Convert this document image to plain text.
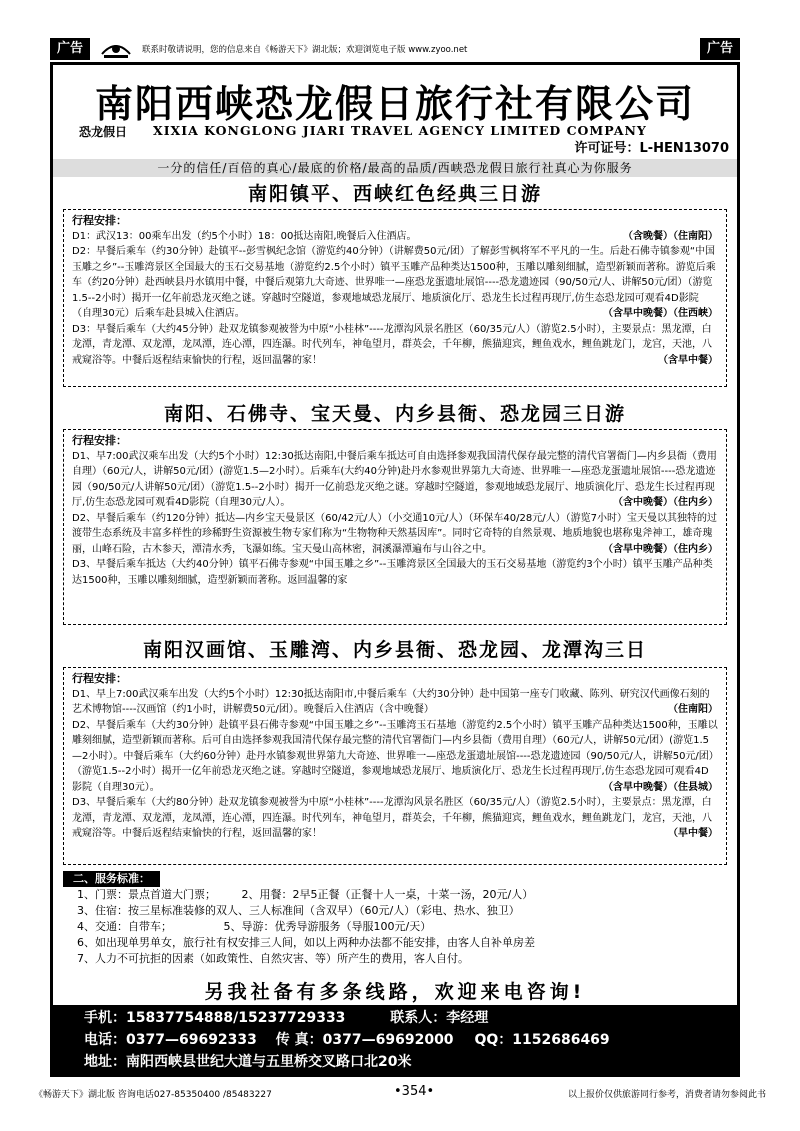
广告	联系时敬请说明，您的信息来自《畅游天下》湖北版；欢迎浏览电子版 www.zyoo.net	广告
南阳西峡恐龙假日旅行社有限公司
恐龙假日 XIXIA KONGLONG JIARI TRAVEL AGENCY LIMITED COMPANY
许可证号：L-HEN13070
一分的信任/百倍的真心/最底的价格/最高的品质/西峡恐龙假日旅行社真心为你服务
南阳镇平、西峡红色经典三日游

行程安排：

D1：武汉13：00乘车出发（约5个小时）18：00抵达南阳,晚餐后入住酒店。	（含晚餐）（住南阳）

D2：早餐后乘车（约30分钟）赴镇平--彭雪枫纪念馆（游览约40分钟）（讲解费50元/团）了解彭雪枫将军不平凡的一生。后赴石佛寺镇参观“中国玉雕之乡”--玉雕湾景区全国最大的玉石交易基地（游览约2.5个小时）镇平玉雕产品种类达1500种，玉雕以雕刻细腻，造型新颖而著称。游览后乘车（约20分钟）赴西峡县丹水镇用中餐，中餐后观第九大奇迹、世界唯一—座恐龙蛋遗址展馆----恐龙遗迹园（90/50元/人、讲解50元/团）（游览1.5--2小时）揭开一亿年前恐龙灭绝之谜。穿越时空隧道，参观地域恐龙展厅、地质演化厅、恐龙生长过程再现厅,仿生态恐龙园可观看4D影院（自理30元）后乘车赴县城入住酒店。	（含早中晚餐）（住西峡）

D3：早餐后乘车（大约45分钟）赴双龙镇参观被誉为中原“小桂林”----龙潭沟风景名胜区（60/35元/人）（游览2.5小时），主要景点：黑龙潭，白龙潭，青龙潭、双龙潭，龙凤潭，连心潭，四连瀑。时代列车，神龟望月，群英会，千年柳，熊猫迎宾，鲤鱼戏水，鲤鱼跳龙门，龙宫，天池，八戒窥浴等。中餐后返程结束愉快的行程，返回温馨的家！	（含早中餐）

南阳、石佛寺、宝天曼、内乡县衙、恐龙园三日游

行程安排：

D1、早7:00武汉乘车出发（大约5个小时）12:30抵达南阳,中餐后乘车抵达可自由选择参观我国清代保存最完整的清代官署衙门—内乡县衙（费用自理）（60元/人，讲解50元/团）(游览1.5—2小时）。后乘车(大约40分钟)赴丹水参观世界第九大奇迹、世界唯一—座恐龙蛋遗址展馆----恐龙遗迹园（90/50元/人讲解50元/团）（游览1.5--2小时）揭开一亿前恐龙灭绝之谜。穿越时空隧道，参观地域恐龙展厅、地质演化厅、恐龙生长过程再现厅,仿生态恐龙园可观看4D影院（自理30元/人）。	（含中晚餐）（住内乡）

D2、早餐后乘车（约120分钟）抵达—内乡宝天曼景区（60/42元/人）（小交通10元/人）（环保车40/28元/人）（游览7小时）宝天曼以其独特的过渡带生态系统及丰富多样性的珍稀野生资源被生物专家们称为“生物物种天然基因库”。同时它奇特的自然景观、地质地貌也堪称鬼斧神工，雄奇瑰丽，山峰石险，古木参天，潭清水秀，飞瀑如练。宝天曼山高林密，洞溪瀑潭遍布与山谷之中。	（含早中晚餐）（住内乡）

D3、早餐后乘车抵达（大约40分钟）镇平石佛寺参观“中国玉雕之乡”--玉雕湾景区全国最大的玉石交易基地（游览约3个小时）镇平玉雕产品种类达1500种，玉雕以雕刻细腻，造型新颖而著称。返回温馨的家

南阳汉画馆、玉雕湾、内乡县衙、恐龙园、龙潭沟三日

行程安排：

D1、早上7:00武汉乘车出发（大约5个小时）12:30抵达南阳市,中餐后乘车（大约30分钟）赴中国第一座专门收藏、陈列、研究汉代画像石刻的艺术博物馆----汉画馆（约1小时，讲解费50元/团）。晚餐后入住酒店（含中晚餐）	（住南阳）

D2、早餐后乘车（大约30分钟）赴镇平县石佛寺参观“中国玉雕之乡”--玉雕湾玉石基地（游览约2.5个小时）镇平玉雕产品种类达1500种，玉雕以雕刻细腻，造型新颖而著称。后可自由选择参观我国清代保存最完整的清代官署衙门—内乡县衙（费用自理）（60元/人，讲解50元/团）(游览1.5—2小时）。中餐后乘车（大约60分钟）赴丹水镇参观世界第九大奇迹、世界唯一—座恐龙蛋遗址展馆----恐龙遗迹园（90/50元/人，讲解50元/团）（游览1.5--2小时）揭开一亿年前恐龙灭绝之谜。穿越时空隧道，参观地域恐龙展厅、地质演化厅、恐龙生长过程再现厅,仿生态恐龙园可观看4D影院（自理30元）。	（含早中晚餐）（住县城）

D3、早餐后乘车（大约80分钟）赴双龙镇参观被誉为中原“小桂林”----龙潭沟风景名胜区（60/35元/人）（游览2.5小时），主要景点：黑龙潭，白龙潭，青龙潭、双龙潭，龙凤潭，连心潭，四连瀑。时代列车，神龟望月，群英会，千年柳，熊猫迎宾，鲤鱼戏水，鲤鱼跳龙门，龙宫，天池，八戒窥浴等。中餐后返程结束愉快的行程，返回温馨的家！	（早中餐）

二、服务标准：
1、门票：景点首道大门票； 2、用餐：2早5正餐（正餐十人一桌，十菜一汤，20元/人）
3、住宿：按三星标准装修的双人、三人标准间（含双早）（60元/人）（彩电、热水、独卫）
4、交通：自带车；	5、导游：优秀导游服务（导服100元/天）
6、如出现单男单女，旅行社有权安排三人间，如以上两种办法都不能安排，由客人自补单房差
7、人力不可抗拒的因素（如政策性、自然灾害、等）所产生的费用，客人自付。
另我社备有多条线路，欢迎来电咨询!
手机：15837754888/15237729333	联系人：李经理
电话：0377—69692333 传 真：0377—69692000 QQ：1152686469
地址：南阳西峡县世纪大道与五里桥交叉路口北20米
《畅游天下》湖北版 咨询电话027-85350400 /85483227	•354•	以上报价仅供旅游同行参考，消费者请勿参阅此书
